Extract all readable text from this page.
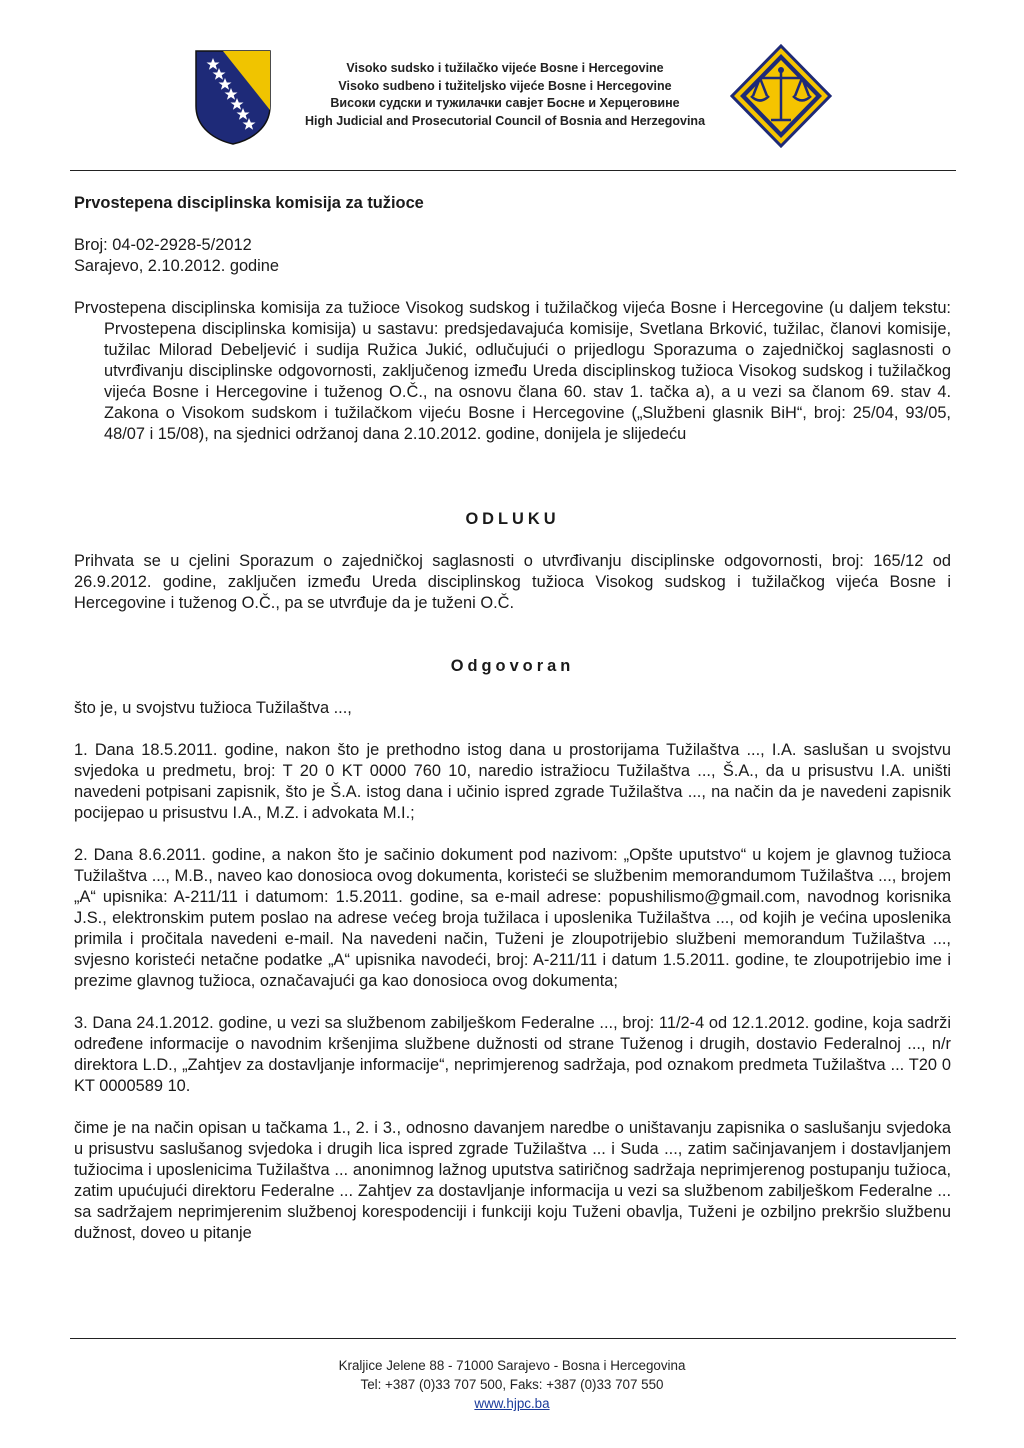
Visoko sudsko i tužilačko vijeće Bosne i Hercegovine
Visoko sudbeno i tužiteljsko vijeće Bosne i Hercegovine
Високи судски и тужилачки савјет Босне и Херцеговине
High Judicial and Prosecutorial Council of Bosnia and Herzegovina
Prvostepena disciplinska komisija za tužioce
Broj: 04-02-2928-5/2012
Sarajevo, 2.10.2012. godine

Prvostepena disciplinska komisija za tužioce Visokog sudskog i tužilačkog vijeća Bosne i Hercegovine (u daljem tekstu: Prvostepena disciplinska komisija) u sastavu: predsjedavajuća komisije, Svetlana Brković, tužilac, članovi komisije, tužilac Milorad Debeljević i sudija Ružica Jukić, odlučujući o prijedlogu Sporazuma o zajedničkoj saglasnosti o utvrđivanju disciplinske odgovornosti, zaključenog između Ureda disciplinskog tužioca Visokog sudskog i tužilačkog vijeća Bosne i Hercegovine i tuženog O.Č., na osnovu člana 60. stav 1. tačka a), a u vezi sa članom 69. stav 4. Zakona o Visokom sudskom i tužilačkom vijeću Bosne i Hercegovine („Službeni glasnik BiH“, broj: 25/04, 93/05, 48/07 i 15/08), na sjednici održanoj dana 2.10.2012. godine, donijela je slijedeću

ODLUKU

Prihvata se u cjelini Sporazum o zajedničkoj saglasnosti o utvrđivanju disciplinske odgovornosti, broj: 165/12 od 26.9.2012. godine, zaključen između Ureda disciplinskog tužioca Visokog sudskog i tužilačkog vijeća Bosne i Hercegovine i tuženog O.Č., pa se utvrđuje da je tuženi O.Č.

Odgovoran

što je, u svojstvu tužioca Tužilaštva ...,

1. Dana 18.5.2011. godine, nakon što je prethodno istog dana u prostorijama Tužilaštva ..., I.A. saslušan u svojstvu svjedoka u predmetu, broj: T 20 0 KT 0000 760 10, naredio istražiocu Tužilaštva ..., Š.A., da u prisustvu I.A. uništi navedeni potpisani zapisnik, što je Š.A. istog dana i učinio ispred zgrade Tužilaštva ..., na način da je navedeni zapisnik pocijepao u prisustvu I.A., M.Z. i advokata M.I.;

2. Dana 8.6.2011. godine, a nakon što je sačinio dokument pod nazivom: „Opšte uputstvo“ u kojem je glavnog tužioca Tužilaštva ..., M.B., naveo kao donosioca ovog dokumenta, koristeći se službenim memorandumom Tužilaštva ..., brojem „A“ upisnika: A-211/11 i datumom: 1.5.2011. godine, sa e-mail adrese: popushilismo@gmail.com, navodnog korisnika J.S., elektronskim putem poslao na adrese većeg broja tužilaca i uposlenika Tužilaštva ..., od kojih je većina uposlenika primila i pročitala navedeni e-mail. Na navedeni način, Tuženi je zloupotrijebio službeni memorandum Tužilaštva ..., svjesno koristeći netačne podatke „A“ upisnika navodeći, broj: A-211/11 i datum 1.5.2011. godine, te zloupotrijebio ime i prezime glavnog tužioca, označavajući ga kao donosioca ovog dokumenta;

3. Dana 24.1.2012. godine, u vezi sa službenom zabilješkom Federalne ..., broj: 11/2-4 od 12.1.2012. godine, koja sadrži određene informacije o navodnim kršenjima službene dužnosti od strane Tuženog i drugih, dostavio Federalnoj ..., n/r direktora L.D., „Zahtjev za dostavljanje informacije“, neprimjerenog sadržaja, pod oznakom predmeta Tužilaštva ... T20 0 KT 0000589 10.

čime je na način opisan u tačkama 1., 2. i 3., odnosno davanjem naredbe o uništavanju zapisnika o saslušanju svjedoka u prisustvu saslušanog svjedoka i drugih lica ispred zgrade Tužilaštva ... i Suda ..., zatim sačinjavanjem i dostavljanjem tužiocima i uposlenicima Tužilaštva ... anonimnog lažnog uputstva satiričnog sadržaja neprimjerenog postupanju tužioca, zatim upućujući direktoru Federalne ... Zahtjev za dostavljanje informacija u vezi sa službenom zabilješkom Federalne ... sa sadržajem neprimjerenim službenoj korespodenciji i funkciji koju Tuženi obavlja, Tuženi je ozbiljno prekršio službenu dužnost, doveo u pitanje

Kraljice Jelene 88 - 71000 Sarajevo - Bosna i Hercegovina
Tel: +387 (0)33 707 500, Faks: +387 (0)33 707 550
www.hjpc.ba
